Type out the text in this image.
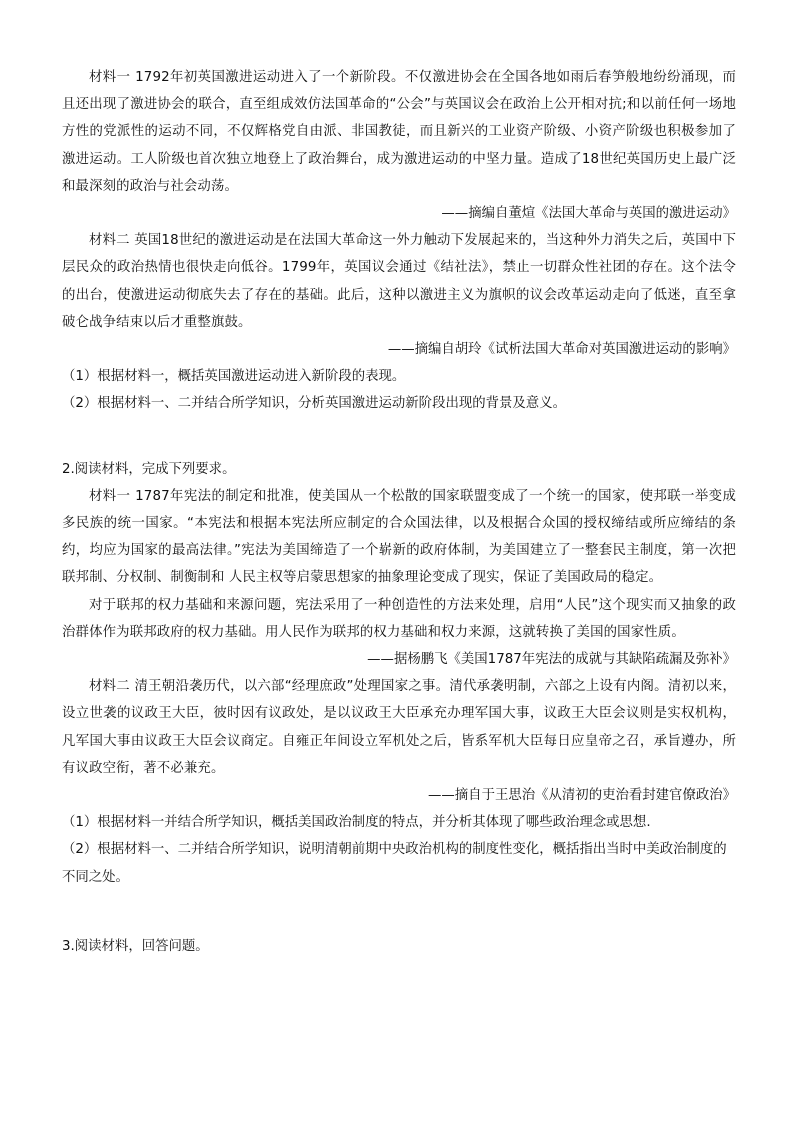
材料一 1792年初英国激进运动进入了一个新阶段。不仅激进协会在全国各地如雨后春笋般地纷纷涌现，而且还出现了激进协会的联合，直至组成效仿法国革命的“公会”与英国议会在政治上公开相对抗;和以前任何一场地方性的党派性的运动不同，不仅辉格党自由派、非国教徒，而且新兴的工业资产阶级、小资产阶级也积极参加了激进运动。工人阶级也首次独立地登上了政治舞台，成为激进运动的中坚力量。造成了18世纪英国历史上最广泛和最深刻的政治与社会动荡。

——摘编自董煊《法国大革命与英国的激进运动》

材料二 英国18世纪的激进运动是在法国大革命这一外力触动下发展起来的，当这种外力消失之后，英国中下层民众的政治热情也很快走向低谷。1799年，英国议会通过《结社法》，禁止一切群众性社团的存在。这个法令的出台，使激进运动彻底失去了存在的基础。此后，这种以激进主义为旗帜的议会改革运动走向了低迷，直至拿破仑战争结束以后才重整旗鼓。

——摘编自胡玲《试析法国大革命对英国激进运动的影响》

（1）根据材料一，概括英国激进运动进入新阶段的表现。

（2）根据材料一、二并结合所学知识，分析英国激进运动新阶段出现的背景及意义。

2.阅读材料，完成下列要求。

材料一 1787年宪法的制定和批准，使美国从一个松散的国家联盟变成了一个统一的国家，使邦联一举变成多民族的统一国家。“本宪法和根据本宪法所应制定的合众国法律，以及根据合众国的授权缔结或所应缔结的条约，均应为国家的最高法律。”宪法为美国缔造了一个崭新的政府体制，为美国建立了一整套民主制度，第一次把联邦制、分权制、制衡制和 人民主权等启蒙思想家的抽象理论变成了现实，保证了美国政局的稳定。

对于联邦的权力基础和来源问题，宪法采用了一种创造性的方法来处理，启用“人民”这个现实而又抽象的政治群体作为联邦政府的权力基础。用人民作为联邦的权力基础和权力来源，这就转换了美国的国家性质。

——据杨鹏飞《美国1787年宪法的成就与其缺陷疏漏及弥补》

材料二 清王朝沿袭历代，以六部“经理庶政”处理国家之事。清代承袭明制，六部之上设有内阁。清初以来，设立世袭的议政王大臣，彼时因有议政处，是以议政王大臣承充办理军国大事，议政王大臣会议则是实权机构，凡军国大事由议政王大臣会议商定。自雍正年间设立军机处之后，皆系军机大臣每日应皇帝之召，承旨遵办，所有议政空衔，著不必兼充。

——摘自于王思治《从清初的吏治看封建官僚政治》

（1）根据材料一并结合所学知识，概括美国政治制度的特点，并分析其体现了哪些政治理念或思想.

（2）根据材料一、二并结合所学知识，说明清朝前期中央政治机构的制度性变化，概括指出当时中美政治制度的不同之处。

3.阅读材料，回答问题。
